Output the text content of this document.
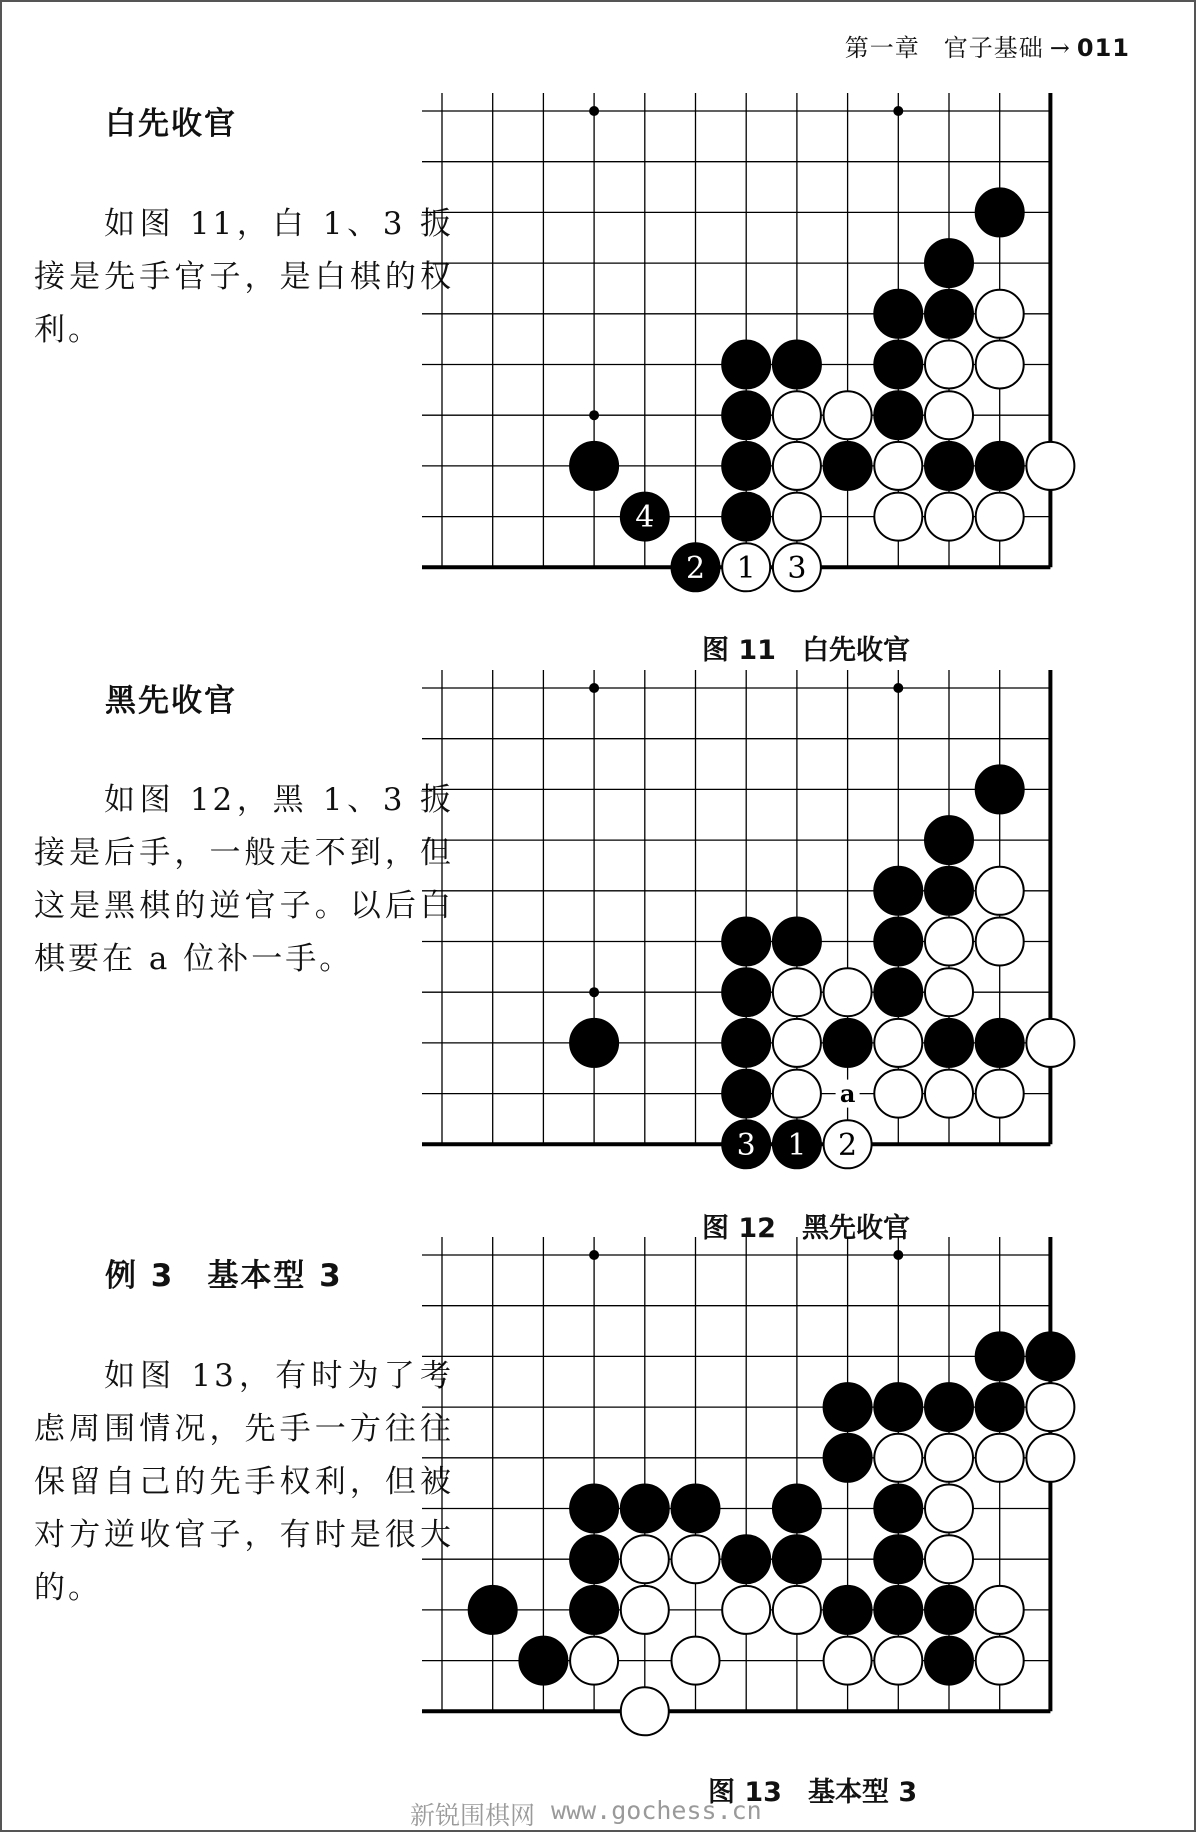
第一章 官子基础 → 011
白先收官
如图 11，白 1、3 扳接是先手官子，是白棋的权利。
4
2 1 3
图 11 白先收官
黑先收官
如图 12，黑 1、3 扳接是后手，一般走不到，但这是黑棋的逆官子。以后白棋要在 a 位补一手。
3 1 2
a
图 12 黑先收官
例 3　基本型 3
如图 13，有时为了考虑周围情况，先手一方往往保留自己的先手权利，但被对方逆收官子，有时是很大的。
图 13 基本型 3
新锐围棋网 www.gochess.cn
